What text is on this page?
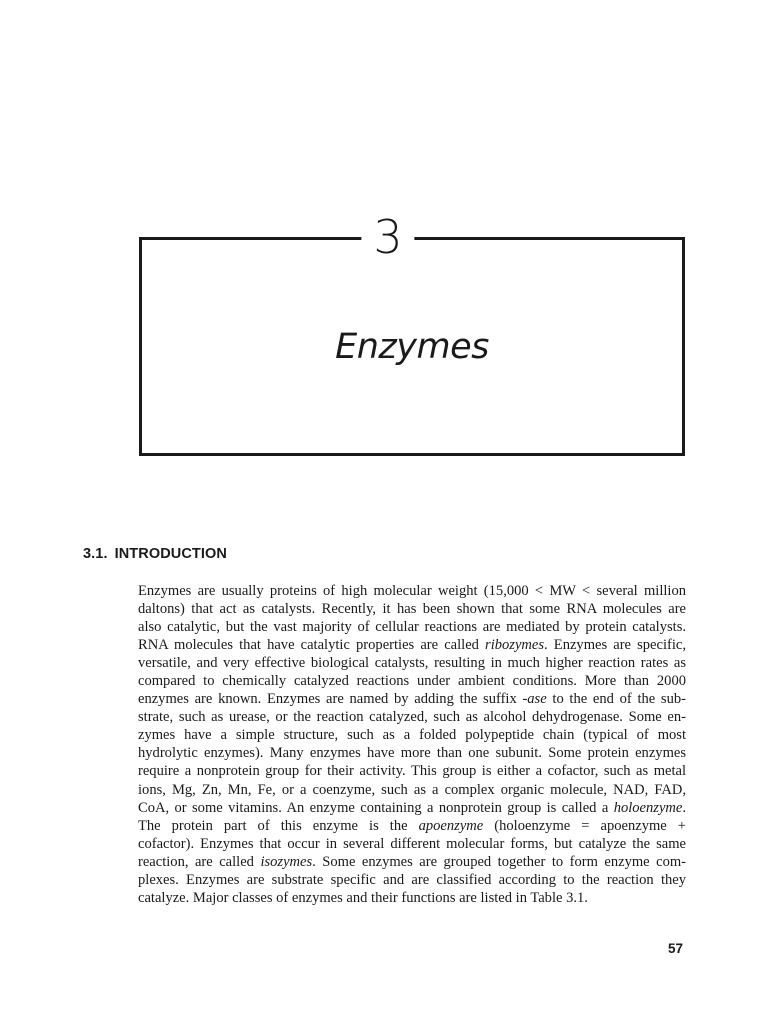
3
Enzymes
3.1. INTRODUCTION
Enzymes are usually proteins of high molecular weight (15,000 < MW < several million
daltons) that act as catalysts. Recently, it has been shown that some RNA molecules are
also catalytic, but the vast majority of cellular reactions are mediated by protein catalysts.
RNA molecules that have catalytic properties are called ribozymes. Enzymes are specific,
versatile, and very effective biological catalysts, resulting in much higher reaction rates as
compared to chemically catalyzed reactions under ambient conditions. More than 2000
enzymes are known. Enzymes are named by adding the suffix -ase to the end of the sub-
strate, such as urease, or the reaction catalyzed, such as alcohol dehydrogenase. Some en-
zymes have a simple structure, such as a folded polypeptide chain (typical of most
hydrolytic enzymes). Many enzymes have more than one subunit. Some protein enzymes
require a nonprotein group for their activity. This group is either a cofactor, such as metal
ions, Mg, Zn, Mn, Fe, or a coenzyme, such as a complex organic molecule, NAD, FAD,
CoA, or some vitamins. An enzyme containing a nonprotein group is called a holoenzyme.
The protein part of this enzyme is the apoenzyme (holoenzyme = apoenzyme +
cofactor). Enzymes that occur in several different molecular forms, but catalyze the same
reaction, are called isozymes. Some enzymes are grouped together to form enzyme com-
plexes. Enzymes are substrate specific and are classified according to the reaction they
catalyze. Major classes of enzymes and their functions are listed in Table 3.1.
57
